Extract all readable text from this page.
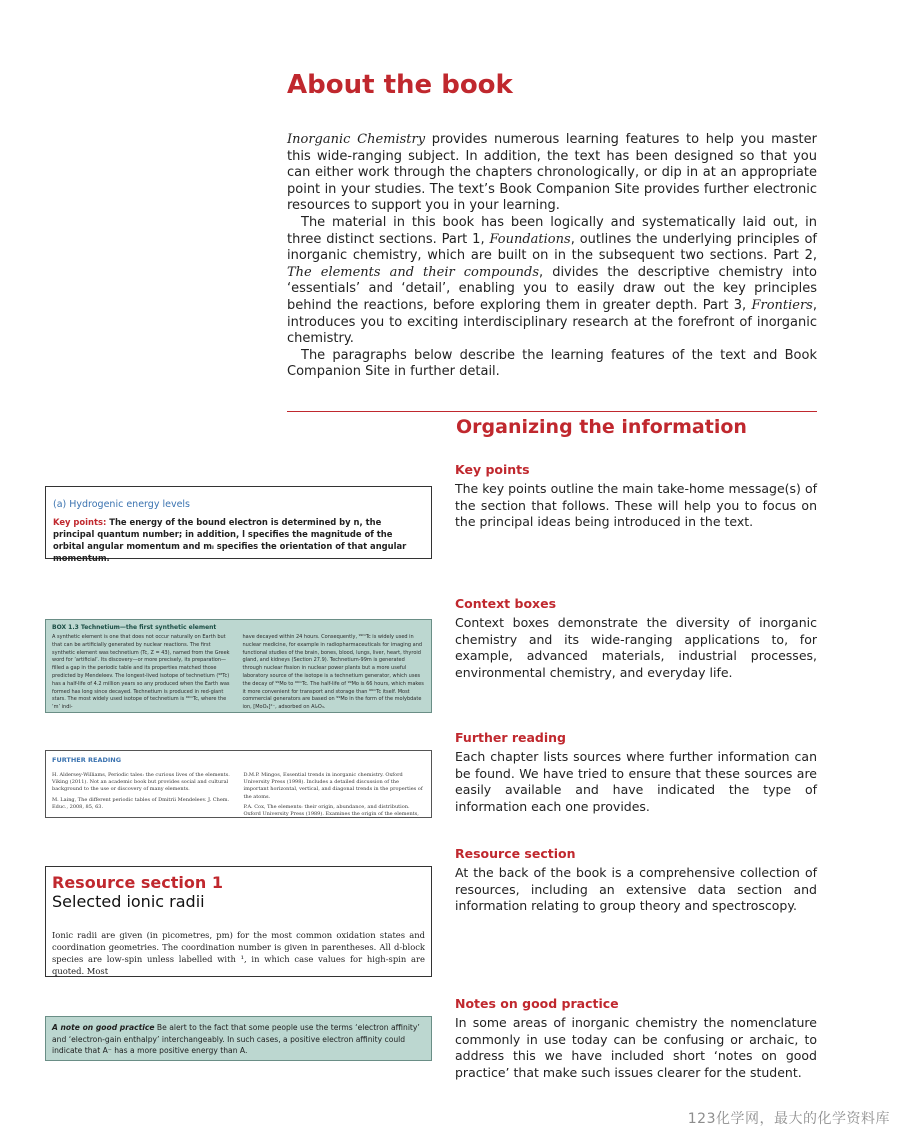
About the book

Inorganic Chemistry provides numerous learning features to help you master this wide-ranging subject. In addition, the text has been designed so that you can either work through the chapters chronologically, or dip in at an appropriate point in your studies. The text’s Book Companion Site provides further electronic resources to support you in your learning.

The material in this book has been logically and systematically laid out, in three distinct sections. Part 1, Foundations, outlines the underlying principles of inorganic chemistry, which are built on in the subsequent two sections. Part 2, The elements and their compounds, divides the descriptive chemistry into ‘essentials’ and ‘detail’, enabling you to easily draw out the key principles behind the reactions, before exploring them in greater depth. Part 3, Frontiers, introduces you to exciting interdisciplinary research at the forefront of inorganic chemistry.

The paragraphs below describe the learning features of the text and Book Companion Site in further detail.

Organizing the information
Key points

The key points outline the main take-home message(s) of the section that follows. These will help you to focus on the principal ideas being introduced in the text.

Context boxes

Context boxes demonstrate the diversity of inorganic chemistry and its wide-ranging applications to, for example, advanced materials, industrial processes, environmental chemistry, and everyday life.

Further reading

Each chapter lists sources where further information can be found. We have tried to ensure that these sources are easily available and have indicated the type of information each one provides.

Resource section

At the back of the book is a comprehensive collection of resources, including an extensive data section and information relating to group theory and spectroscopy.

Notes on good practice

In some areas of inorganic chemistry the nomenclature commonly in use today can be confusing or archaic, to address this we have included short ‘notes on good practice’ that make such issues clearer for the student.

(a) Hydrogenic energy levels
Key points: The energy of the bound electron is determined by n, the principal quantum number; in addition, l specifies the magnitude of the orbital angular momentum and mₗ specifies the orientation of that angular momentum.
BOX 1.3 Technetium—the first synthetic element
A synthetic element is one that does not occur naturally on Earth but that can be artificially generated by nuclear reactions. The first synthetic element was technetium (Tc, Z = 43), named from the Greek word for ‘artificial’. Its discovery—or more precisely, its preparation—filled a gap in the periodic table and its properties matched those predicted by Mendeleev. The longest-lived isotope of technetium (⁹⁸Tc) has a half-life of 4.2 million years so any produced when the Earth was formed has long since decayed. Technetium is produced in red-giant stars. The most widely used isotope of technetium is ⁹⁹ᵐTc, where the ‘m’ indi-
have decayed within 24 hours. Consequently, ⁹⁹ᵐTc is widely used in nuclear medicine, for example in radiopharmaceuticals for imaging and functional studies of the brain, bones, blood, lungs, liver, heart, thyroid gland, and kidneys (Section 27.9). Technetium-99m is generated through nuclear fission in nuclear power plants but a more useful laboratory source of the isotope is a technetium generator, which uses the decay of ⁹⁹Mo to ⁹⁹ᵐTc. The half-life of ⁹⁹Mo is 66 hours, which makes it more convenient for transport and storage than ⁹⁹ᵐTc itself. Most commercial generators are based on ⁹⁹Mo in the form of the molybdate ion, [MoO₄]²⁻, adsorbed on Al₂O₃.
FURTHER READING
H. Aldersey-Williams, Periodic tales: the curious lives of the elements. Viking (2011). Not an academic book but provides social and cultural background to the use or discovery of many elements.
M. Laing, The different periodic tables of Dmitrii Mendeleev. J. Chem. Educ., 2008, 85, 63.
D.M.P. Mingos, Essential trends in inorganic chemistry. Oxford University Press (1998). Includes a detailed discussion of the important horizontal, vertical, and diagonal trends in the properties of the atoms.
P.A. Cox, The elements: their origin, abundance, and distribution. Oxford University Press (1989). Examines the origin of the elements,
Resource section 1
Selected ionic radii
Ionic radii are given (in picometres, pm) for the most common oxidation states and coordination geometries. The coordination number is given in parentheses. All d-block species are low-spin unless labelled with ¹, in which case values for high-spin are quoted. Most
A note on good practice Be alert to the fact that some people use the terms ‘electron affinity’ and ‘electron-gain enthalpy’ interchangeably. In such cases, a positive electron affinity could indicate that A⁻ has a more positive energy than A.
123化学网，最大的化学资料库
